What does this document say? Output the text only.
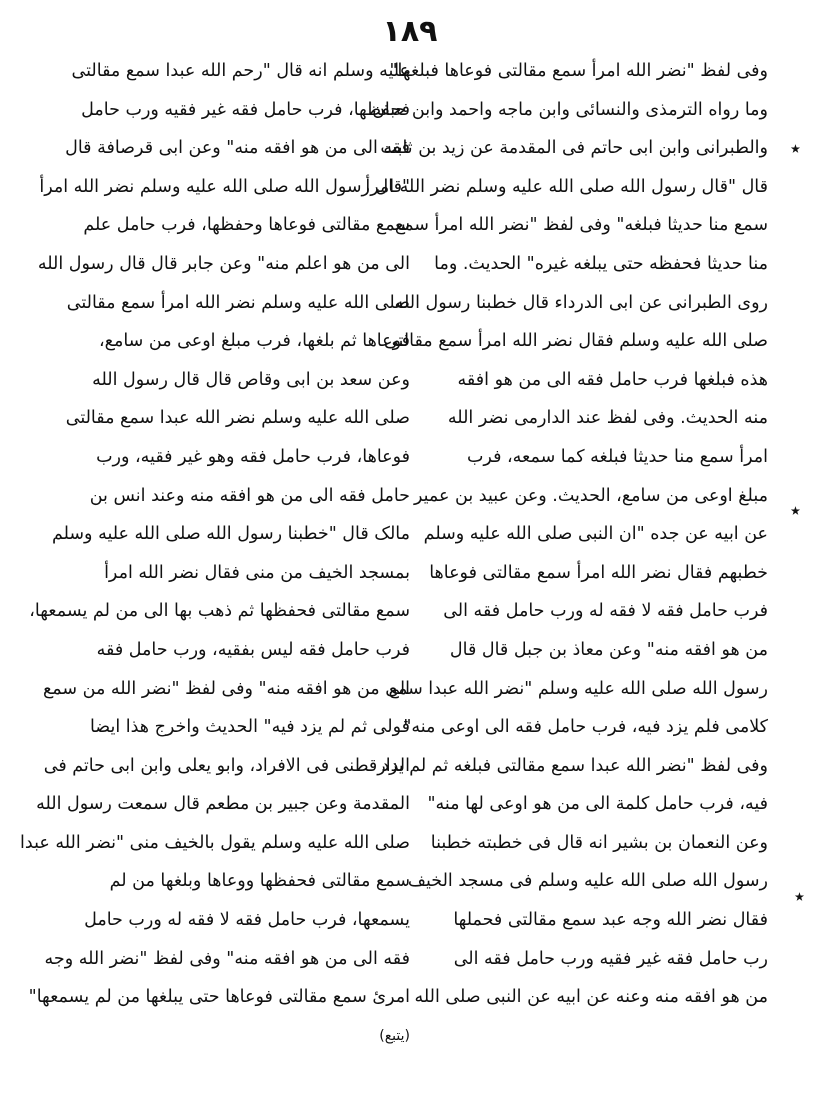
١٨٩
وفی لفظ "نضر الله امرأ سمع مقالتی فوعاها فبلغها"
وما رواه الترمذی والنسائی وابن ماجه واحمد وابن حبان
والطبرانی وابن ابی حاتم فی المقدمة عن زید بن ثابت
قال "قال رسول الله صلی الله علیه وسلم نضر الله امرأ
سمع منا حدیثا فبلغه" وفی لفظ "نضر الله امرأ سمع
منا حدیثا فحفظه حتی یبلغه غیره" الحدیث. وما
روی الطبرانی عن ابی الدرداء قال خطبنا رسول الله
صلی الله علیه وسلم فقال نضر الله امرأ سمع مقالتی
هذه فبلغها فرب حامل فقه الی من هو افقه
منه الحدیث. وفی لفظ عند الدارمی نضر الله
امرأ سمع منا حدیثا فبلغه کما سمعه، فرب
مبلغ اوعی من سامع، الحدیث. وعن عبید بن عمیر
عن ابیه عن جده "ان النبی صلی الله علیه وسلم
خطبهم فقال نضر الله امرأ سمع مقالتی فوعاها
فرب حامل فقه لا فقه له ورب حامل فقه الی
من هو افقه منه" وعن معاذ بن جبل قال قال
رسول الله صلی الله علیه وسلم "نضر الله عبدا سمع
کلامی فلم یزد فیه، فرب حامل فقه الی اوعی منه"
وفی لفظ "نضر الله عبدا سمع مقالتی فبلغه ثم لم یزد
فیه، فرب حامل کلمة الی من هو اوعی لها منه"
وعن النعمان بن بشیر انه قال فی خطبته خطبنا
رسول الله صلی الله علیه وسلم فی مسجد الخیف
فقال نضر الله وجه عبد سمع مقالتی فحملها
رب حامل فقه غیر فقیه ورب حامل فقه الی
من هو افقه منه وعنه عن ابیه عن النبی صلی الله
علیه وسلم انه قال "رحم الله عبدا سمع مقالتی
فحفظها، فرب حامل فقه غیر فقیه ورب حامل
فقه الی من هو افقه منه" وعن ابی قرصافة قال
"قال رسول الله صلی الله علیه وسلم نضر الله امرأ
سمع مقالتی فوعاها وحفظها، فرب حامل علم
الی من هو اعلم منه" وعن جابر قال قال رسول الله
صلی الله علیه وسلم نضر الله امرأ سمع مقالتی
فوعاها ثم بلغها، فرب مبلغ اوعی من سامع،
وعن سعد بن ابی وقاص قال قال رسول الله
صلی الله علیه وسلم نضر الله عبدا سمع مقالتی
فوعاها، فرب حامل فقه وهو غیر فقیه، ورب
حامل فقه الی من هو افقه منه وعند انس بن
مالک قال "خطبنا رسول الله صلی الله علیه وسلم
بمسجد الخیف من منی فقال نضر الله امرأ
سمع مقالتی فحفظها ثم ذهب بها الی من لم یسمعها،
فرب حامل فقه لیس بفقیه، ورب حامل فقه
الی من هو افقه منه" وفی لفظ "نضر الله من سمع
قولی ثم لم یزد فیه" الحدیث واخرج هذا ایضا
الدارقطنی فی الافراد، وابو یعلی وابن ابی حاتم فی
المقدمة وعن جبیر بن مطعم قال سمعت رسول الله
صلی الله علیه وسلم یقول بالخیف منی "نضر الله عبدا
سمع مقالتی فحفظها ووعاها وبلغها من لم
یسمعها، فرب حامل فقه لا فقه له ورب حامل
فقه الی من هو افقه منه" وفی لفظ "نضر الله وجه
امرئ سمع مقالتی فوعاها حتی یبلغها من لم یسمعها"
(یتبع)
٭
٭
٭
